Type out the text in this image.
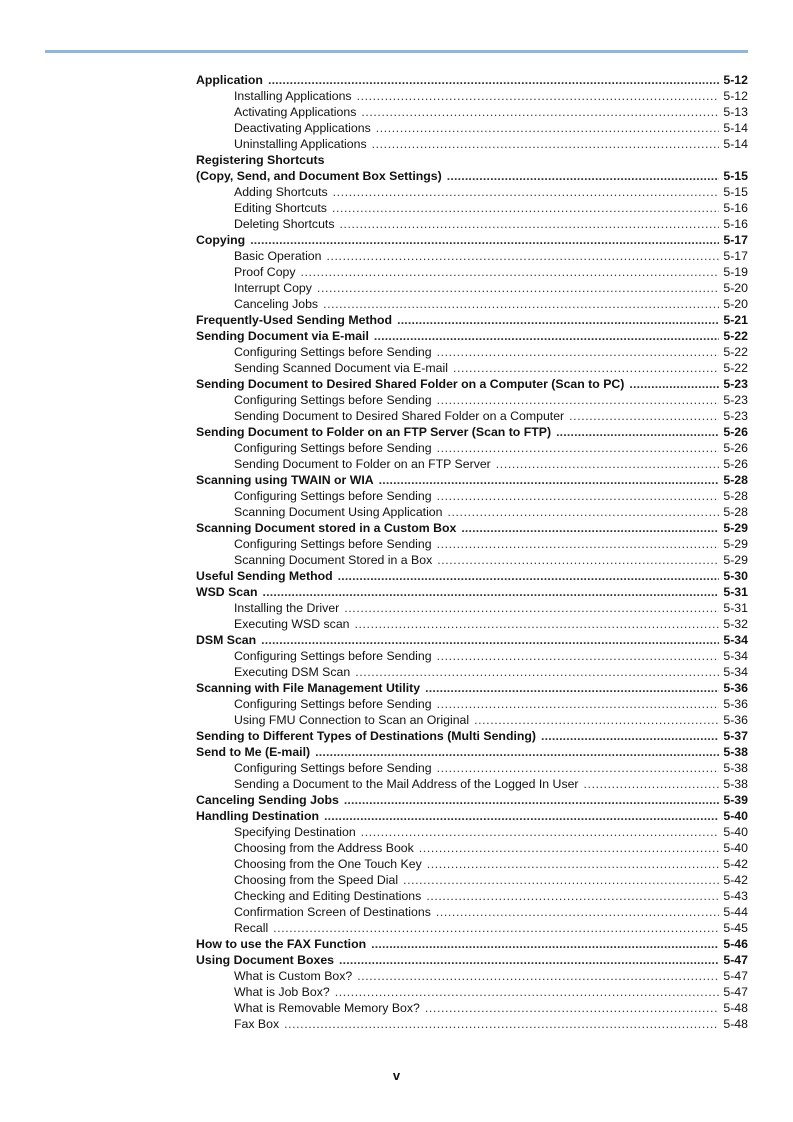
Application .....	5-12
Installing Applications .....	5-12
Activating Applications .....	5-13
Deactivating Applications .....	5-14
Uninstalling Applications .....	5-14
Registering Shortcuts
(Copy, Send, and Document Box Settings) .....	5-15
Adding Shortcuts .....	5-15
Editing Shortcuts .....	5-16
Deleting Shortcuts .....	5-16
Copying .....	5-17
Basic Operation .....	5-17
Proof Copy .....	5-19
Interrupt Copy .....	5-20
Canceling Jobs .....	5-20
Frequently-Used Sending Method .....	5-21
Sending Document via E-mail .....	5-22
Configuring Settings before Sending .....	5-22
Sending Scanned Document via E-mail .....	5-22
Sending Document to Desired Shared Folder on a Computer (Scan to PC) .....	5-23
Configuring Settings before Sending .....	5-23
Sending Document to Desired Shared Folder on a Computer .....	5-23
Sending Document to Folder on an FTP Server (Scan to FTP) .....	5-26
Configuring Settings before Sending .....	5-26
Sending Document to Folder on an FTP Server .....	5-26
Scanning using TWAIN or WIA .....	5-28
Configuring Settings before Sending .....	5-28
Scanning Document Using Application .....	5-28
Scanning Document stored in a Custom Box .....	5-29
Configuring Settings before Sending .....	5-29
Scanning Document Stored in a Box .....	5-29
Useful Sending Method .....	5-30
WSD Scan .....	5-31
Installing the Driver .....	5-31
Executing WSD scan .....	5-32
DSM Scan .....	5-34
Configuring Settings before Sending .....	5-34
Executing DSM Scan .....	5-34
Scanning with File Management Utility .....	5-36
Configuring Settings before Sending .....	5-36
Using FMU Connection to Scan an Original .....	5-36
Sending to Different Types of Destinations (Multi Sending) .....	5-37
Send to Me (E-mail) .....	5-38
Configuring Settings before Sending .....	5-38
Sending a Document to the Mail Address of the Logged In User .....	5-38
Canceling Sending Jobs .....	5-39
Handling Destination .....	5-40
Specifying Destination .....	5-40
Choosing from the Address Book .....	5-40
Choosing from the One Touch Key .....	5-42
Choosing from the Speed Dial .....	5-42
Checking and Editing Destinations .....	5-43
Confirmation Screen of Destinations .....	5-44
Recall .....	5-45
How to use the FAX Function .....	5-46
Using Document Boxes .....	5-47
What is Custom Box? .....	5-47
What is Job Box? .....	5-47
What is Removable Memory Box? .....	5-48
Fax Box .....	5-48
v
